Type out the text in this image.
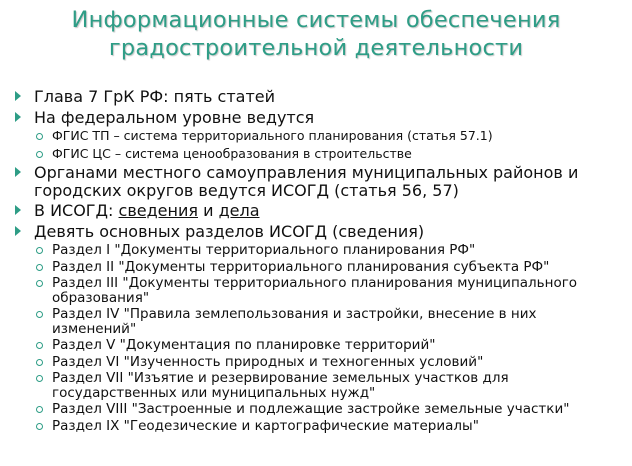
Информационные системы обеспечения
градостроительной деятельности
Глава 7 ГрК РФ: пять статей
На федеральном уровне ведутся
ФГИС ТП – система территориального планирования (статья 57.1)
ФГИС ЦС – система ценообразования в строительстве
Органами местного самоуправления муниципальных районов и городских округов ведутся ИСОГД (статья 56, 57)
В ИСОГД: сведения и дела
Девять основных разделов ИСОГД (сведения)
Раздел I "Документы территориального планирования РФ"
Раздел II "Документы территориального планирования субъекта РФ"
Раздел III "Документы территориального планирования муниципального образования"
Раздел IV "Правила землепользования и застройки, внесение в них изменений"
Раздел V "Документация по планировке территорий"
Раздел VI "Изученность природных и техногенных условий"
Раздел VII "Изъятие и резервирование земельных участков для государственных или муниципальных нужд"
Раздел VIII "Застроенные и подлежащие застройке земельные участки"
Раздел IX "Геодезические и картографические материалы"
